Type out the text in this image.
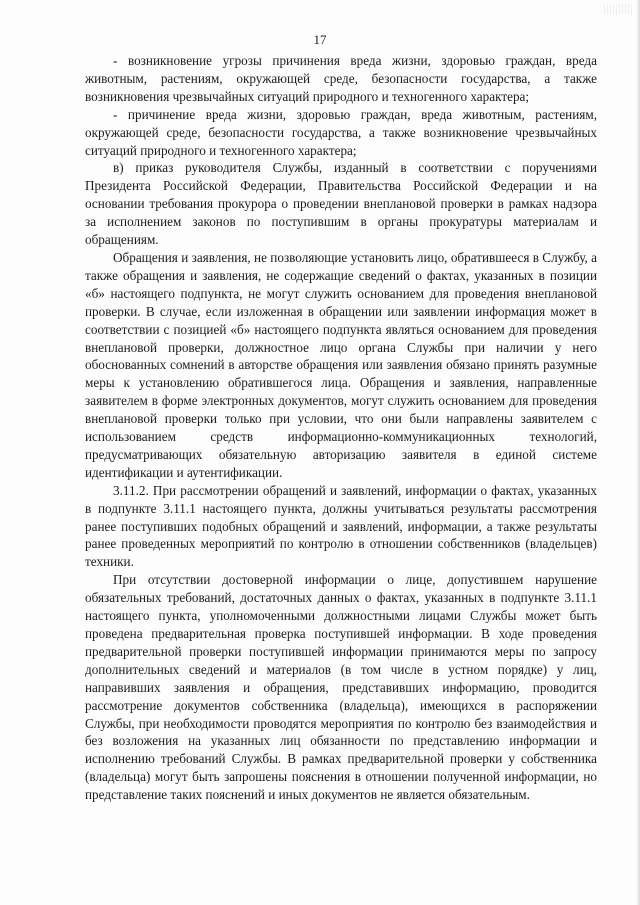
17

- возникновение угрозы причинения вреда жизни, здоровью граждан, вреда животным, растениям, окружающей среде, безопасности государства, а также возникновения чрезвычайных ситуаций природного и техногенного характера;

- причинение вреда жизни, здоровью граждан, вреда животным, растениям, окружающей среде, безопасности государства, а также возникновение чрезвычайных ситуаций природного и техногенного характера;

в) приказ руководителя Службы, изданный в соответствии с поручениями Президента Российской Федерации, Правительства Российской Федерации и на основании требования прокурора о проведении внеплановой проверки в рамках надзора за исполнением законов по поступившим в органы прокуратуры материалам и обращениям.

Обращения и заявления, не позволяющие установить лицо, обратившееся в Службу, а также обращения и заявления, не содержащие сведений о фактах, указанных в позиции «б» настоящего подпункта, не могут служить основанием для проведения внеплановой проверки. В случае, если изложенная в обращении или заявлении информация может в соответствии с позицией «б» настоящего подпункта являться основанием для проведения внеплановой проверки, должностное лицо органа Службы при наличии у него обоснованных сомнений в авторстве обращения или заявления обязано принять разумные меры к установлению обратившегося лица. Обращения и заявления, направленные заявителем в форме электронных документов, могут служить основанием для проведения внеплановой проверки только при условии, что они были направлены заявителем с использованием средств информационно-коммуникационных технологий, предусматривающих обязательную авторизацию заявителя в единой системе идентификации и аутентификации.

3.11.2. При рассмотрении обращений и заявлений, информации о фактах, указанных в подпункте 3.11.1 настоящего пункта, должны учитываться результаты рассмотрения ранее поступивших подобных обращений и заявлений, информации, а также результаты ранее проведенных мероприятий по контролю в отношении собственников (владельцев) техники.

При отсутствии достоверной информации о лице, допустившем нарушение обязательных требований, достаточных данных о фактах, указанных в подпункте 3.11.1 настоящего пункта, уполномоченными должностными лицами Службы может быть проведена предварительная проверка поступившей информации. В ходе проведения предварительной проверки поступившей информации принимаются меры по запросу дополнительных сведений и материалов (в том числе в устном порядке) у лиц, направивших заявления и обращения, представивших информацию, проводится рассмотрение документов собственника (владельца), имеющихся в распоряжении Службы, при необходимости проводятся мероприятия по контролю без взаимодействия и без возложения на указанных лиц обязанности по представлению информации и исполнению требований Службы. В рамках предварительной проверки у собственника (владельца) могут быть запрошены пояснения в отношении полученной информации, но представление таких пояснений и иных документов не является обязательным.
